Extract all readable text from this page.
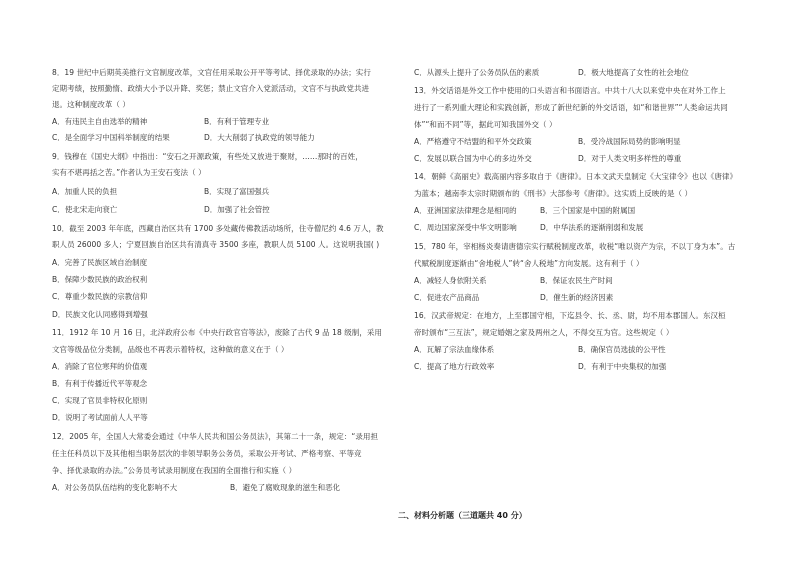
8．19 世纪中后期英美推行文官制度改革，文官任用采取公开平等考试、择优录取的办法；实行
定期考绩，按照勤惰、政绩大小予以升降、奖惩；禁止文官介入党派活动，文官不与执政党共进
退。这种制度改革（ ）
A．有违民主自由选举的精神	B．有利于管理专业
C．是全面学习中国科举制度的结果	D．大大削弱了执政党的领导能力
9．钱穆在《国史大纲》中指出：“安石之开源政策，有些处又放进于聚财，……那时的百姓，
实有不堪再括之苦。”作者认为王安石变法（ ）
A．加重人民的负担	B．实现了富国强兵
C．使北宋走向衰亡	D．加强了社会管控
10．截至 2003 年年底，西藏自治区共有 1700 多处藏传佛教活动场所，住寺僧尼约 4.6 万人，教
职人员 26000 多人；宁夏回族自治区共有清真寺 3500 多座，教职人员 5100 人。这说明我国( )
A．完善了民族区域自治制度
B．保障少数民族的政治权利
C．尊重少数民族的宗教信仰
D．民族文化认同感得到增强
11．1912 年 10 月 16 日，北洋政府公布《中央行政官官等法》，废除了古代 9 品 18 级制，采用
文官等级品位分类制，品级也不再表示着特权，这种做的意义在于（ ）
A．消除了官位寒拜的价值观
B．有利于传播近代平等观念
C．实现了官员非特权化原则
D．说明了考试面前人人平等
12．2005 年，全国人大常委会通过《中华人民共和国公务员法》，其第二十一条，规定：“录用担
任主任科员以下及其他相当职务层次的非领导职务公务员，采取公开考试、严格考察、平等竞
争、择优录取的办法。”公务员考试录用制度在我国的全面推行和实施（ ）
A．对公务员队伍结构的变化影响不大	B．避免了腐败现象的滋生和恶化
C．从源头上提升了公务员队伍的素质	D．极大地提高了女性的社会地位
13．外交话语是外交工作中使用的口头语言和书面语言。中共十八大以来党中央在对外工作上
进行了一系列重大理论和实践创新，形成了新世纪新的外交话语，如“和谐世界”“人类命运共同
体”“和而不同”等，据此可知我国外交（ ）
A．严格遵守不结盟的和平外交政策	B．受冷战国际局势的影响明显
C．发展以联合国为中心的多边外交	D．对于人类文明多样性的尊重
14．朝鲜《高丽史》载高丽内容多取自于《唐律》。日本文武天皇制定《大宝律令》也以《唐律》
为蓝本；越南李太宗时期颁布的《刑书》大部参考《唐律》。这实质上反映的是（ ）
A．亚洲国家法律理念是相同的	B．三个国家是中国的附属国
C．周边国家深受中华文明影响	D．中华法系的逐渐削弱和发展
15．780 年，宰相杨炎奏请唐德宗实行赋税制度改革，收税“唯以资产为宗，不以丁身为本”。古
代赋税制度逐渐由“舍地税人”转“舍人税地”方向发展。这有利于（ ）
A．减轻人身依附关系	B．保证农民生产时间
C．促进农产品商品	D．催生新的经济因素
16．汉武帝规定：在地方，上至郡国守相，下迄县令、长、丞、尉，均不用本郡国人。东汉桓
帝时颁布“三互法”，规定婚姻之家及两州之人，不得交互为官。这些规定（ ）
A．瓦解了宗法血缘体系	B．确保官员选拔的公平性
C．提高了地方行政效率	D．有利于中央集权的加强
二、材料分析题（三道题共 40 分）
